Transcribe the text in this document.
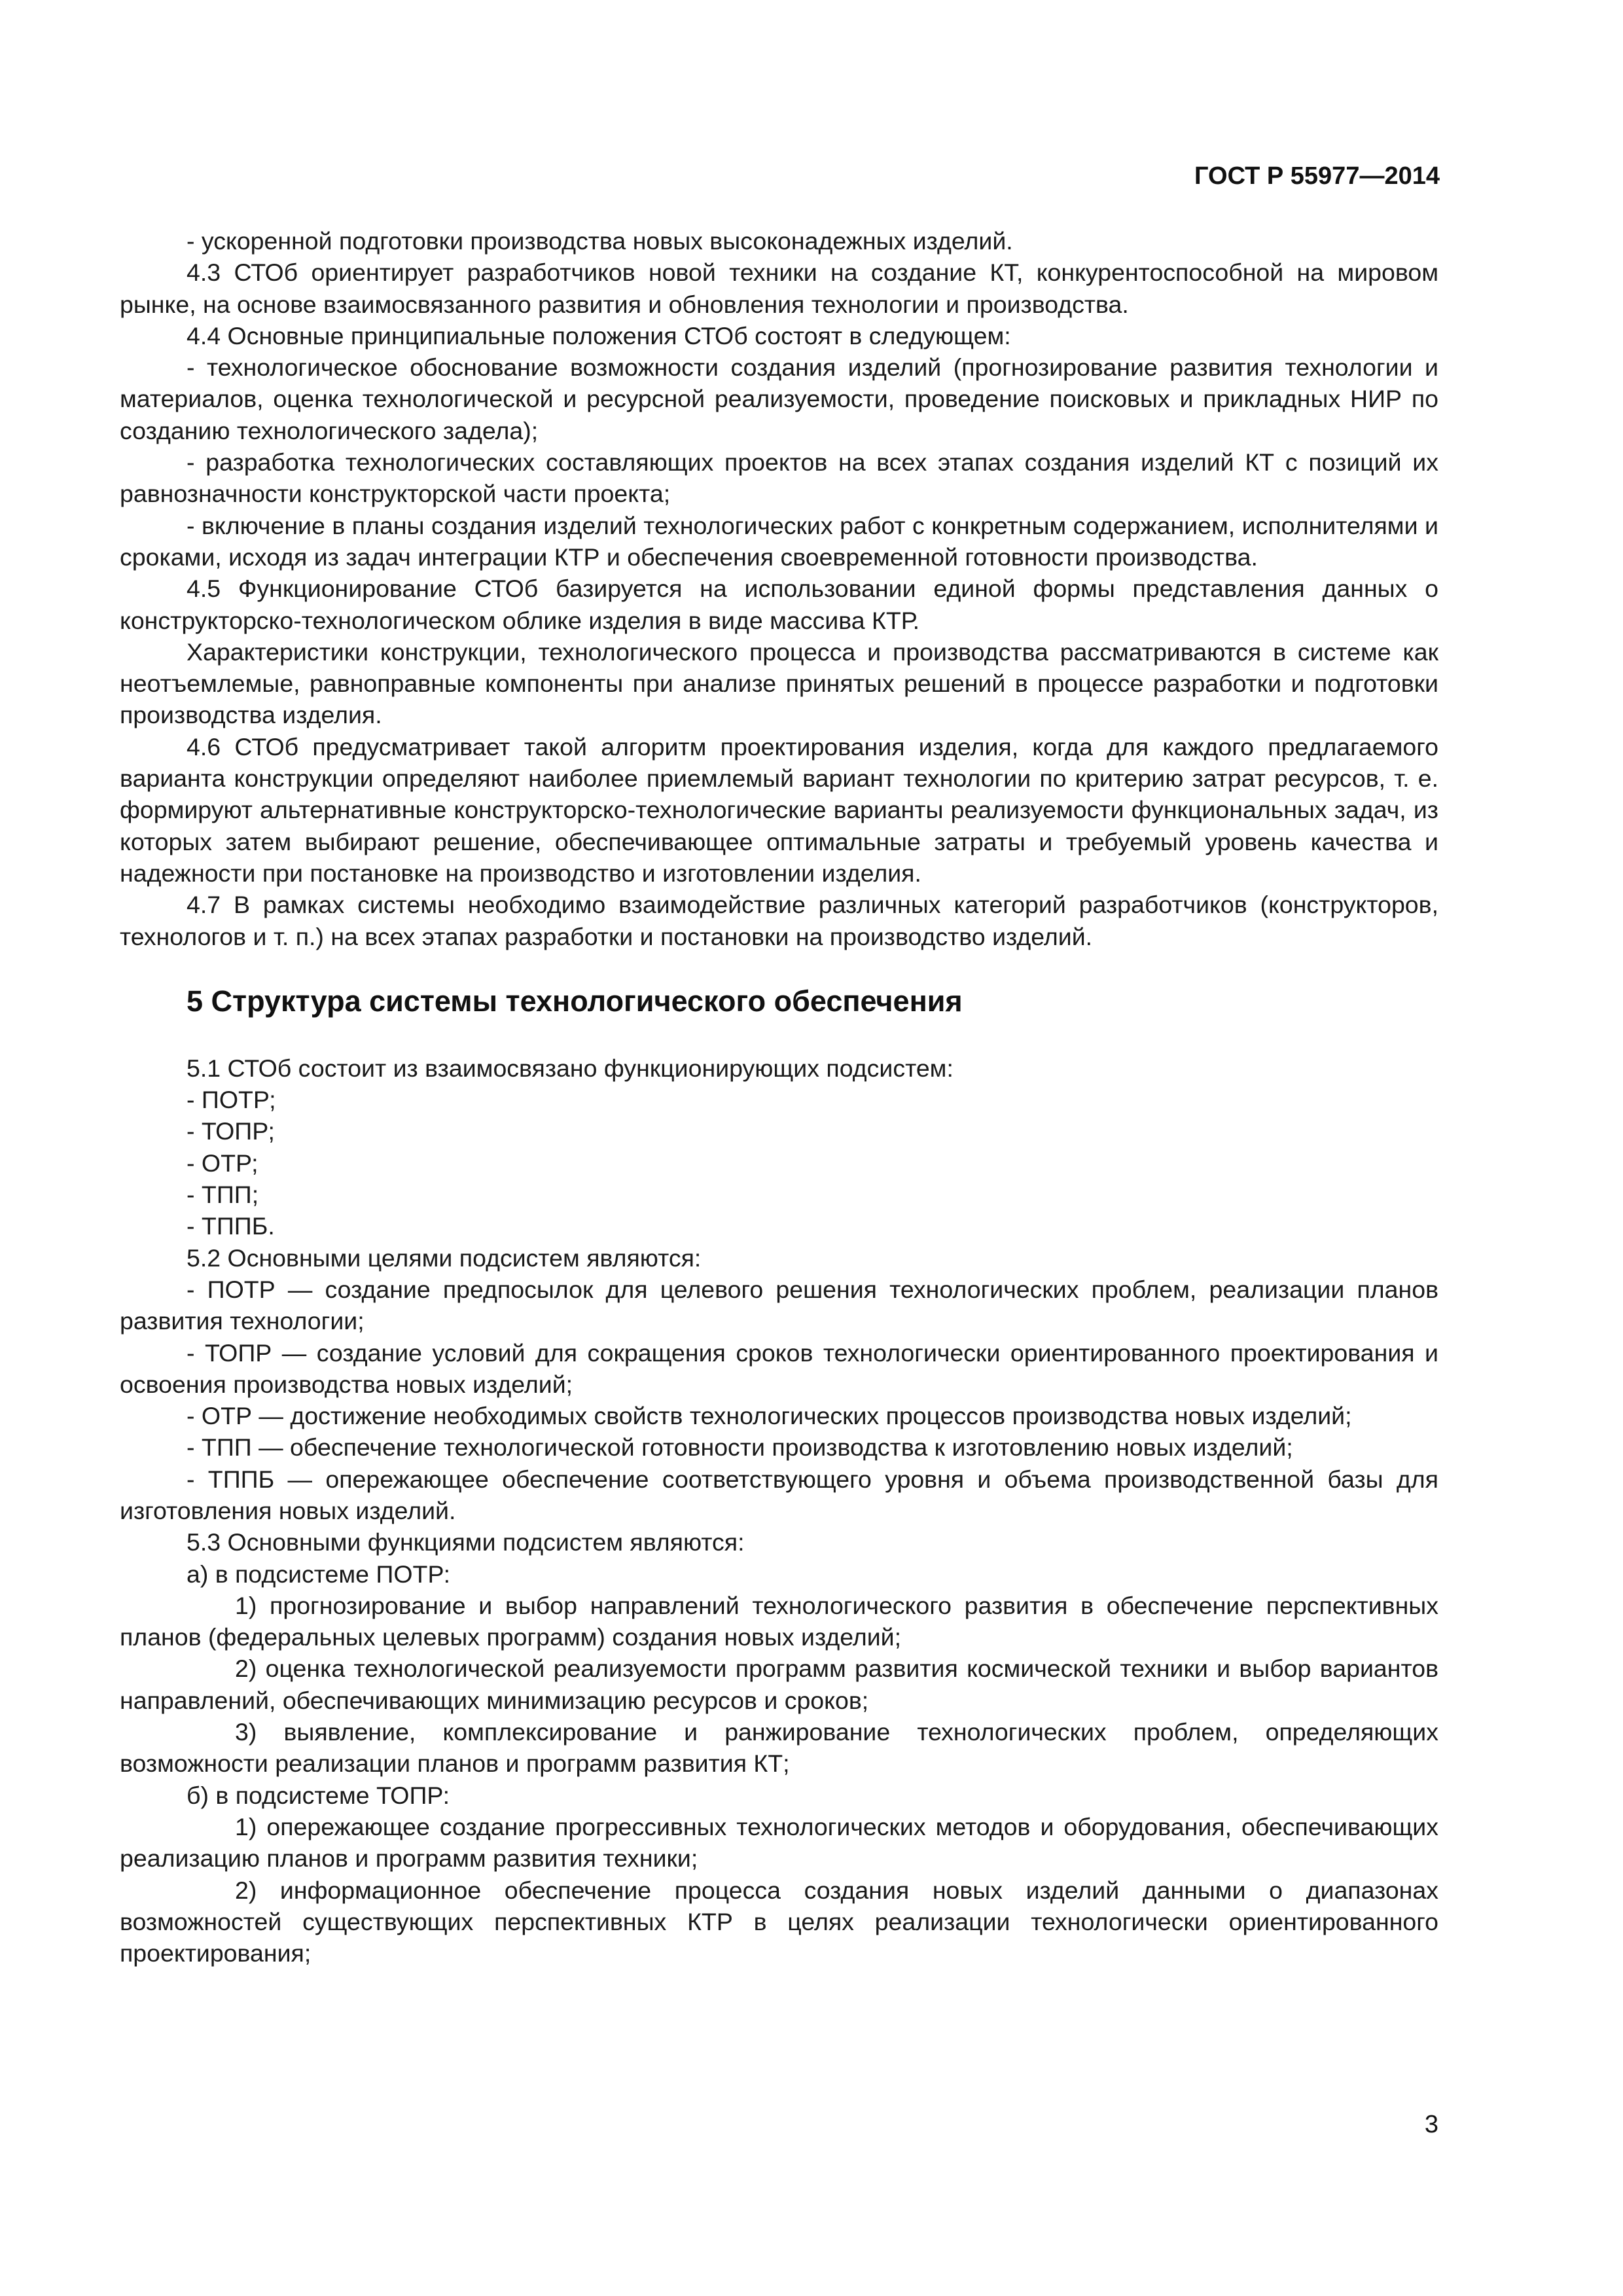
ГОСТ Р 55977—2014

- ускоренной подготовки производства новых высоконадежных изделий.

4.3 СТОб ориентирует разработчиков новой техники на создание КТ, конкурентоспособной на мировом рынке, на основе взаимосвязанного развития и обновления технологии и производства.

4.4 Основные принципиальные положения СТОб состоят в следующем:

- технологическое обоснование возможности создания изделий (прогнозирование развития технологии и материалов, оценка технологической и ресурсной реализуемости, проведение поисковых и прикладных НИР по созданию технологического задела);

- разработка технологических составляющих проектов на всех этапах создания изделий КТ с позиций их равнозначности конструкторской части проекта;

- включение в планы создания изделий технологических работ с конкретным содержанием, исполнителями и сроками, исходя из задач интеграции КТР и обеспечения своевременной готовности производства.

4.5 Функционирование СТОб базируется на использовании единой формы представления данных о конструкторско-технологическом облике изделия в виде массива КТР.

Характеристики конструкции, технологического процесса и производства рассматриваются в системе как неотъемлемые, равноправные компоненты при анализе принятых решений в процессе разработки и подготовки производства изделия.

4.6 СТОб предусматривает такой алгоритм проектирования изделия, когда для каждого предлагаемого варианта конструкции определяют наиболее приемлемый вариант технологии по критерию затрат ресурсов, т. е. формируют альтернативные конструкторско-технологические варианты реализуемости функциональных задач, из которых затем выбирают решение, обеспечивающее оптимальные затраты и требуемый уровень качества и надежности при постановке на производство и изготовлении изделия.

4.7 В рамках системы необходимо взаимодействие различных категорий разработчиков (конструкторов, технологов и т. п.) на всех этапах разработки и постановки на производство изделий.

5 Структура системы технологического обеспечения

5.1 СТОб состоит из взаимосвязано функционирующих подсистем:

- ПОТР;

- ТОПР;

- ОТР;

- ТПП;

- ТППБ.

5.2 Основными целями подсистем являются:

- ПОТР — создание предпосылок для целевого решения технологических проблем, реализации планов развития технологии;

- ТОПР — создание условий для сокращения сроков технологически ориентированного проектирования и освоения производства новых изделий;

- ОТР — достижение необходимых свойств технологических процессов производства новых изделий;

- ТПП — обеспечение технологической готовности производства к изготовлению новых изделий;

- ТППБ — опережающее обеспечение соответствующего уровня и объема производственной базы для изготовления новых изделий.

5.3 Основными функциями подсистем являются:

а) в подсистеме ПОТР:

1) прогнозирование и выбор направлений технологического развития в обеспечение перспективных планов (федеральных целевых программ) создания новых изделий;

2) оценка технологической реализуемости программ развития космической техники и выбор вариантов направлений, обеспечивающих минимизацию ресурсов и сроков;

3) выявление, комплексирование и ранжирование технологических проблем, определяющих возможности реализации планов и программ развития КТ;

б) в подсистеме ТОПР:

1) опережающее создание прогрессивных технологических методов и оборудования, обеспечивающих реализацию планов и программ развития техники;

2) информационное обеспечение процесса создания новых изделий данными о диапазонах возможностей существующих перспективных КТР в целях реализации технологически ориентированного проектирования;

3
